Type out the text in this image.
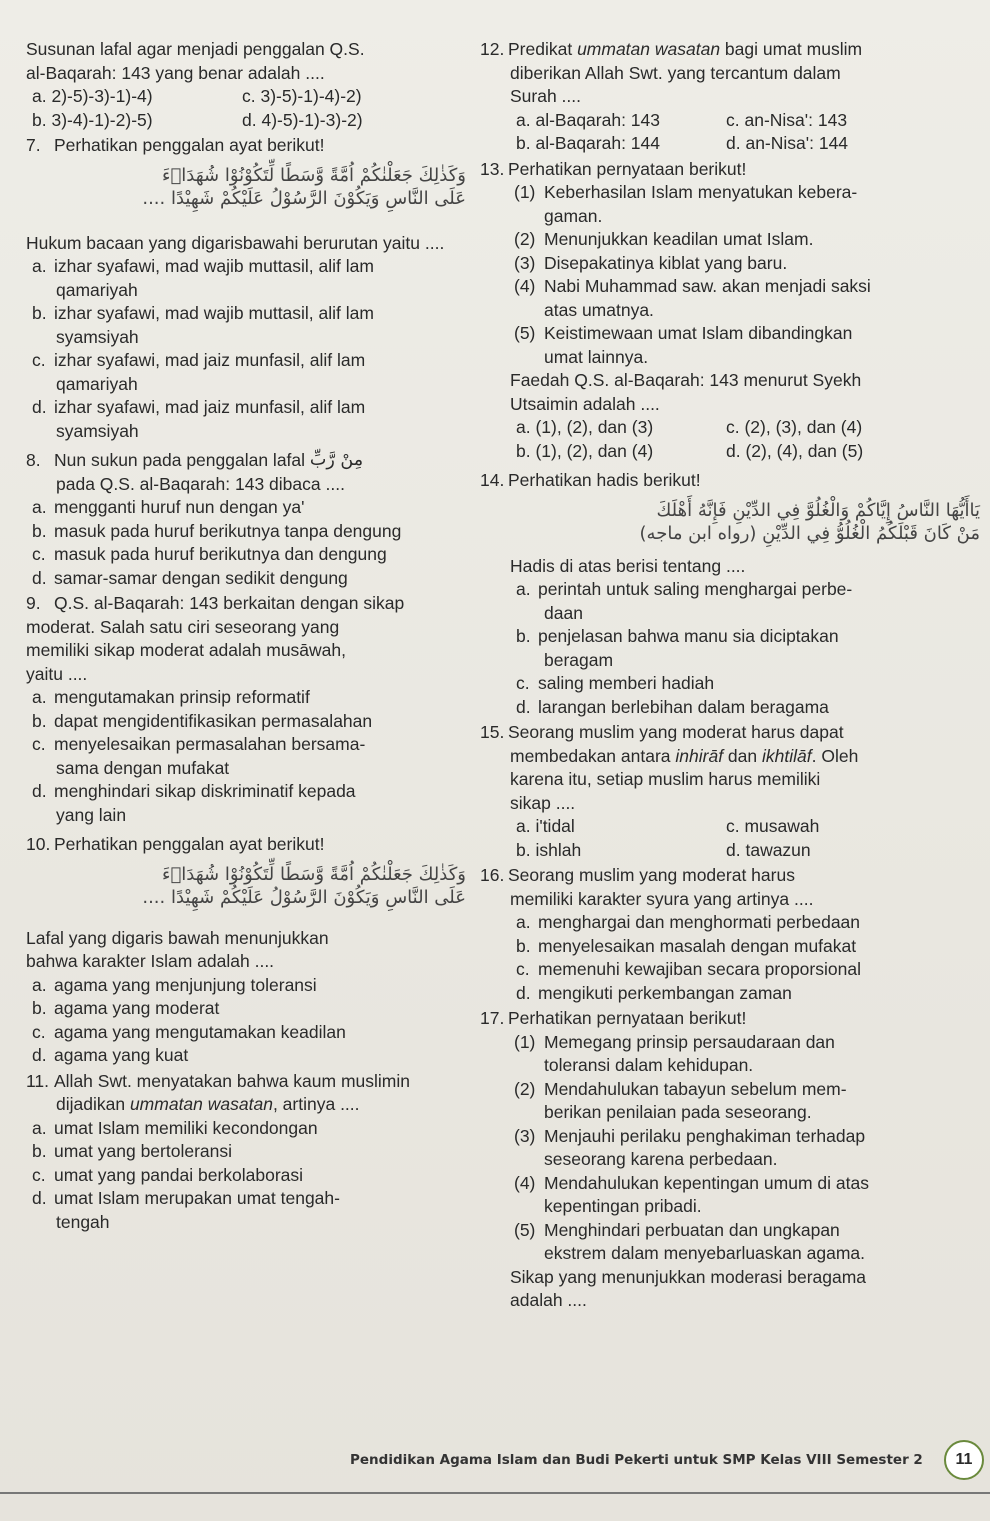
Susunan lafal agar menjadi penggalan Q.S.
al-Baqarah: 143 yang benar adalah ....
a. 2)-5)-3)-1)-4)	c. 3)-5)-1)-4)-2)
b. 3)-4)-1)-2)-5)	d. 4)-5)-1)-3)-2)
7. Perhatikan penggalan ayat berikut!
وَكَذٰلِكَ جَعَلْنٰكُمْ اُمَّةً وَّسَطًا لِّتَكُوْنُوْا شُهَدَاۤءَ
عَلَى النَّاسِ وَيَكُوْنَ الرَّسُوْلُ عَلَيْكُمْ شَهِيْدًا ....
Hukum bacaan yang digarisbawahi berurutan yaitu ....
a. izhar syafawi, mad wajib muttasil, alif lam
qamariyah
b. izhar syafawi, mad wajib muttasil, alif lam
syamsiyah
c. izhar syafawi, mad jaiz munfasil, alif lam
qamariyah
d. izhar syafawi, mad jaiz munfasil, alif lam
syamsiyah
8. Nun sukun pada penggalan lafal
مِنْ رَّبِّ
pada Q.S. al-Baqarah: 143 dibaca ....
a. mengganti huruf nun dengan ya'
b. masuk pada huruf berikutnya tanpa dengung
c. masuk pada huruf berikutnya dan dengung
d. samar-samar dengan sedikit dengung
9. Q.S. al-Baqarah: 143 berkaitan dengan sikap
moderat. Salah satu ciri seseorang yang
memiliki sikap moderat adalah musāwah,
yaitu ....
a. mengutamakan prinsip reformatif
b. dapat mengidentifikasikan permasalahan
c. menyelesaikan permasalahan bersama-
sama dengan mufakat
d. menghindari sikap diskriminatif kepada
yang lain
10. Perhatikan penggalan ayat berikut!
وَكَذٰلِكَ جَعَلْنٰكُمْ اُمَّةً وَّسَطًا لِّتَكُوْنُوْا شُهَدَاۤءَ
عَلَى النَّاسِ وَيَكُوْنَ الرَّسُوْلُ عَلَيْكُمْ شَهِيْدًا ....
Lafal yang digaris bawah menunjukkan
bahwa karakter Islam adalah ....
a. agama yang menjunjung toleransi
b. agama yang moderat
c. agama yang mengutamakan keadilan
d. agama yang kuat
11. Allah Swt. menyatakan bahwa kaum muslimin
dijadikan ummatan wasatan, artinya ....
a. umat Islam memiliki kecondongan
b. umat yang bertoleransi
c. umat yang pandai berkolaborasi
d. umat Islam merupakan umat tengah-
tengah
12. Predikat ummatan wasatan bagi umat muslim
diberikan Allah Swt. yang tercantum dalam
Surah ....
a. al-Baqarah: 143	c. an-Nisa': 143
b. al-Baqarah: 144	d. an-Nisa': 144
13. Perhatikan pernyataan berikut!
(1) Keberhasilan Islam menyatukan kebera-
gaman.
(2) Menunjukkan keadilan umat Islam.
(3) Disepakatinya kiblat yang baru.
(4) Nabi Muhammad saw. akan menjadi saksi
atas umatnya.
(5) Keistimewaan umat Islam dibandingkan
umat lainnya.
Faedah Q.S. al-Baqarah: 143 menurut Syekh
Utsaimin adalah ....
a. (1), (2), dan (3)	c. (2), (3), dan (4)
b. (1), (2), dan (4)	d. (2), (4), dan (5)
14. Perhatikan hadis berikut!
يَاأَيُّهَا النَّاسُ إِيَّاكُمْ وَالْغُلُوَّ فِي الدِّيْنِ فَإِنَّهُ أَهْلَكَ
مَنْ كَانَ قَبْلَكُمُ الْغُلُوُّ فِي الدِّيْنِ (رواه ابن ماجه)
Hadis di atas berisi tentang ....
a. perintah untuk saling menghargai perbe-
daan
b. penjelasan bahwa manu sia diciptakan
beragam
c. saling memberi hadiah
d. larangan berlebihan dalam beragama
15. Seorang muslim yang moderat harus dapat
membedakan antara inhirāf dan ikhtilāf. Oleh
karena itu, setiap muslim harus memiliki
sikap ....
a. i'tidal	c. musawah
b. ishlah	d. tawazun
16. Seorang muslim yang moderat harus
memiliki karakter syura yang artinya ....
a. menghargai dan menghormati perbedaan
b. menyelesaikan masalah dengan mufakat
c. memenuhi kewajiban secara proporsional
d. mengikuti perkembangan zaman
17. Perhatikan pernyataan berikut!
(1) Memegang prinsip persaudaraan dan
toleransi dalam kehidupan.
(2) Mendahulukan tabayun sebelum mem-
berikan penilaian pada seseorang.
(3) Menjauhi perilaku penghakiman terhadap
seseorang karena perbedaan.
(4) Mendahulukan kepentingan umum di atas
kepentingan pribadi.
(5) Menghindari perbuatan dan ungkapan
ekstrem dalam menyebarluaskan agama.
Sikap yang menunjukkan moderasi beragama
adalah ....
Pendidikan Agama Islam dan Budi Pekerti untuk SMP Kelas VIII Semester 2	11
